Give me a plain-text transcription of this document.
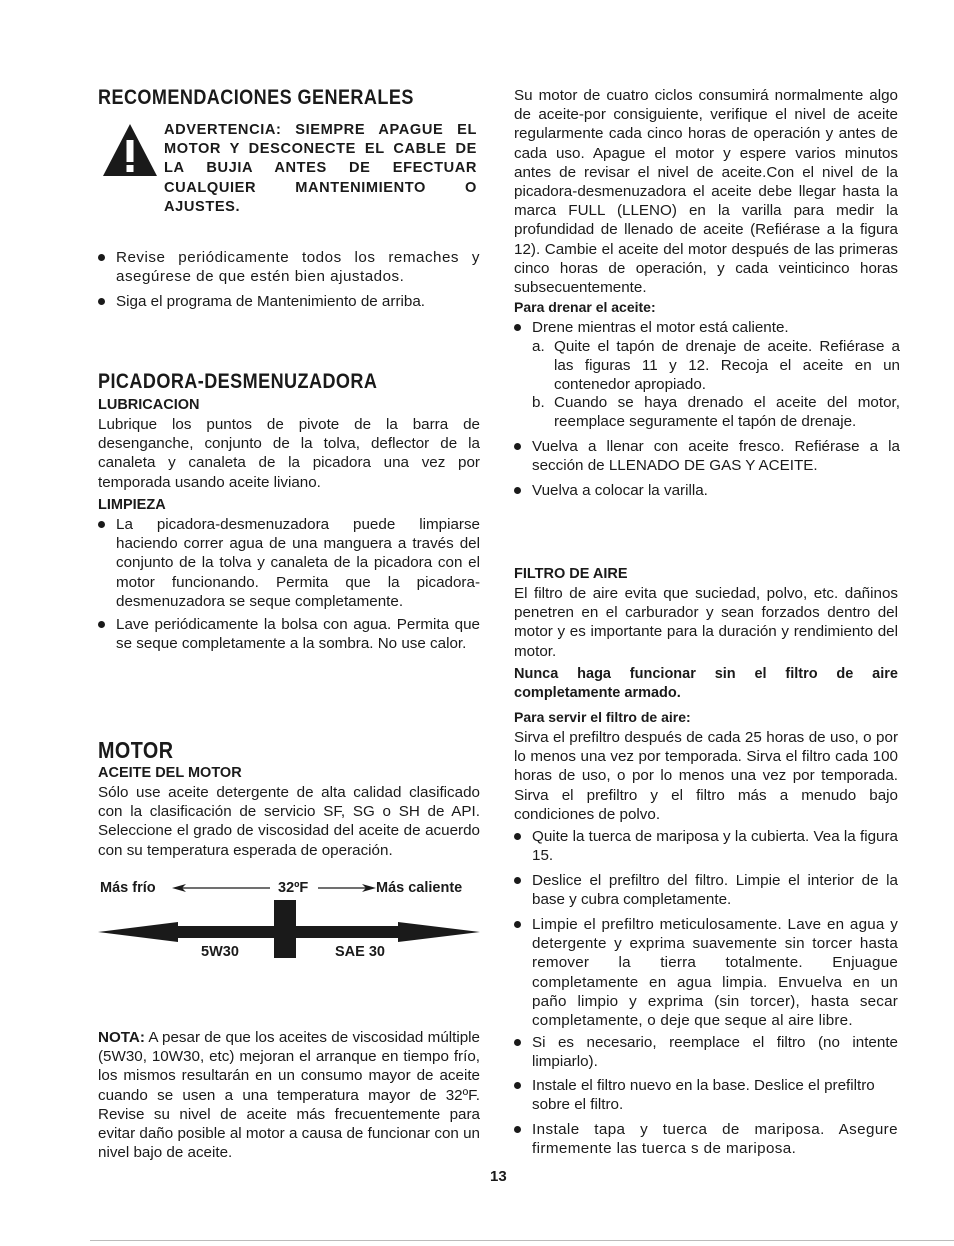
RECOMENDACIONES GENERALES

ADVERTENCIA: SIEMPRE APAGUE EL MOTOR Y DESCONECTE EL CABLE DE LA BUJIA ANTES DE EFECTUAR CUALQUIER MANTENIMIENTO O AJUSTES.

Revise periódicamente todos los remaches y asegúrese de que estén bien ajustados.

Siga el programa de Mantenimiento de arriba.

PICADORA-DESMENUZADORA
LUBRICACION

Lubrique los puntos de pivote de la barra de desenganche, conjunto de la tolva, deflector de la canaleta y canaleta de la picadora una vez por temporada usando aceite liviano.

LIMPIEZA

La picadora-desmenuzadora puede limpiarse haciendo correr agua de una manguera a través del conjunto de la tolva y canaleta de la picadora con el motor funcionando. Permita que la picadora-desmenuzadora se seque completamente.

Lave periódicamente la bolsa con agua. Permita que se seque completamente a la sombra. No use calor.

MOTOR
ACEITE DEL MOTOR

Sólo use aceite detergente de alta calidad clasificado con la clasificación de servicio SF, SG o SH de API. Seleccione el grado de viscosidad del aceite de acuerdo con su temperatura esperada de operación.

Más frío	32ºF	Más caliente
5W30	SAE 30

NOTA: A pesar de que los aceites de viscosidad múltiple (5W30, 10W30, etc) mejoran el arranque en tiempo frío, los mismos resultarán en un consumo mayor de aceite cuando se usen a una temperatura mayor de 32ºF. Revise su nivel de aceite más frecuentemente para evitar daño posible al motor a causa de funcionar con un nivel bajo de aceite.

Su motor de cuatro ciclos consumirá normalmente algo de aceite-por consiguiente, verifique el nivel de aceite regularmente cada cinco horas de operación y antes de cada uso. Apague el motor y espere varios minutos antes de revisar el nivel de aceite.Con el nivel de la picadora-desmenuzadora el aceite debe llegar hasta la marca FULL (LLENO) en la varilla para medir la profundidad de llenado de aceite (Refiérase a la figura 12). Cambie el aceite del motor después de las primeras cinco horas de operación, y cada veinticinco horas subsecuentemente.

Para drenar el aceite:

Drene mientras el motor está caliente.

a. Quite el tapón de drenaje de aceite. Refiérase a las figuras 11 y 12. Recoja el aceite en un contenedor apropiado.

b. Cuando se haya drenado el aceite del motor, reemplace seguramente el tapón de drenaje.

Vuelva a llenar con aceite fresco. Refiérase a la sección de LLENADO DE GAS Y ACEITE.

Vuelva a colocar la varilla.

FILTRO DE AIRE

El filtro de aire evita que suciedad, polvo, etc. dañinos penetren en el carburador y sean forzados dentro del motor y es importante para la duración y rendimiento del motor.

Nunca haga funcionar sin el filtro de aire completamente armado.

Para servir el filtro de aire:

Sirva el prefiltro después de cada 25 horas de uso, o por lo menos una vez por temporada. Sirva el filtro cada 100 horas de uso, o por lo menos una vez por temporada. Sirva el prefiltro y el filtro más a menudo bajo condiciones de polvo.

Quite la tuerca de mariposa y la cubierta. Vea la figura 15.

Deslice el prefiltro del filtro. Limpie el interior de la base y cubra completamente.

Limpie el prefiltro meticulosamente. Lave en agua y detergente y exprima suavemente sin torcer hasta remover la tierra totalmente. Enjuague completamente en agua limpia. Envuelva en un paño limpio y exprima (sin torcer), hasta secar completamente, o deje que seque al aire libre.

Si es necesario, reemplace el filtro (no intente limpiarlo).

Instale el filtro nuevo en la base. Deslice el prefiltro sobre el filtro.

Instale tapa y tuerca de mariposa. Asegure firmemente las tuerca s de mariposa.

13
